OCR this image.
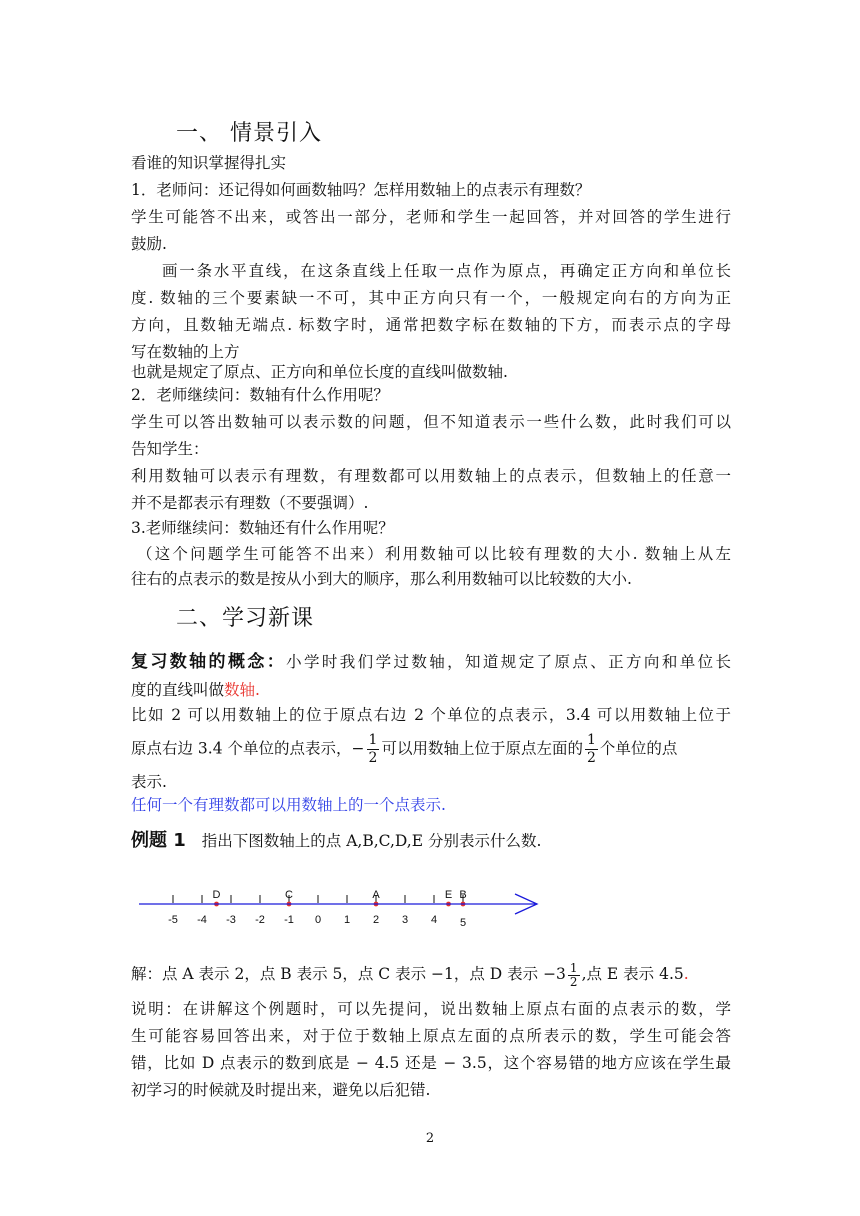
一、 情景引入
看谁的知识掌握得扎实
1．老师问：还记得如何画数轴吗？怎样用数轴上的点表示有理数？
学生可能答不出来，或答出一部分，老师和学生一起回答，并对回答的学生进行
鼓励.
画一条水平直线，在这条直线上任取一点作为原点，再确定正方向和单位长
度. 数轴的三个要素缺一不可，其中正方向只有一个，一般规定向右的方向为正
方向，且数轴无端点. 标数字时，通常把数字标在数轴的下方，而表示点的字母
写在数轴的上方
也就是规定了原点、正方向和单位长度的直线叫做数轴.
2．老师继续问：数轴有什么作用呢？
学生可以答出数轴可以表示数的问题，但不知道表示一些什么数，此时我们可以
告知学生：
利用数轴可以表示有理数，有理数都可以用数轴上的点表示，但数轴上的任意一
并不是都表示有理数（不要强调）.
3.老师继续问：数轴还有什么作用呢？
（这个问题学生可能答不出来）利用数轴可以比较有理数的大小. 数轴上从左
往右的点表示的数是按从小到大的顺序，那么利用数轴可以比较数的大小.
二、学习新课
复习数轴的概念：小学时我们学过数轴，知道规定了原点、正方向和单位长
度的直线叫做数轴.
比如 2 可以用数轴上的位于原点右边 2 个单位的点表示，3.4 可以用数轴上位于
原点右边 3.4 个单位的点表示，− $\frac{1}{2}$ 可以用数轴上位于原点左面的 $\frac{1}{2}$ 个单位的点
表示.
任何一个有理数都可以用数轴上的一个点表示.
例题 1 指出下图数轴上的点 A,B,C,D,E 分别表示什么数.
-5 -4 -3 -2 -1 0 1 2 3 4 5
A	B
C
D	E
解：点 A 表示 2，点 B 表示 5，点 C 表示 −1，点 D 表示 $-3 \frac{1}{2}$ ,点 E 表示 4.5.
说明：在讲解这个例题时，可以先提问，说出数轴上原点右面的点表示的数，学
生可能容易回答出来，对于位于数轴上原点左面的点所表示的数，学生可能会答
错，比如 D 点表示的数到底是 − 4.5 还是 − 3.5，这个容易错的地方应该在学生最
初学习的时候就及时提出来，避免以后犯错.
2
